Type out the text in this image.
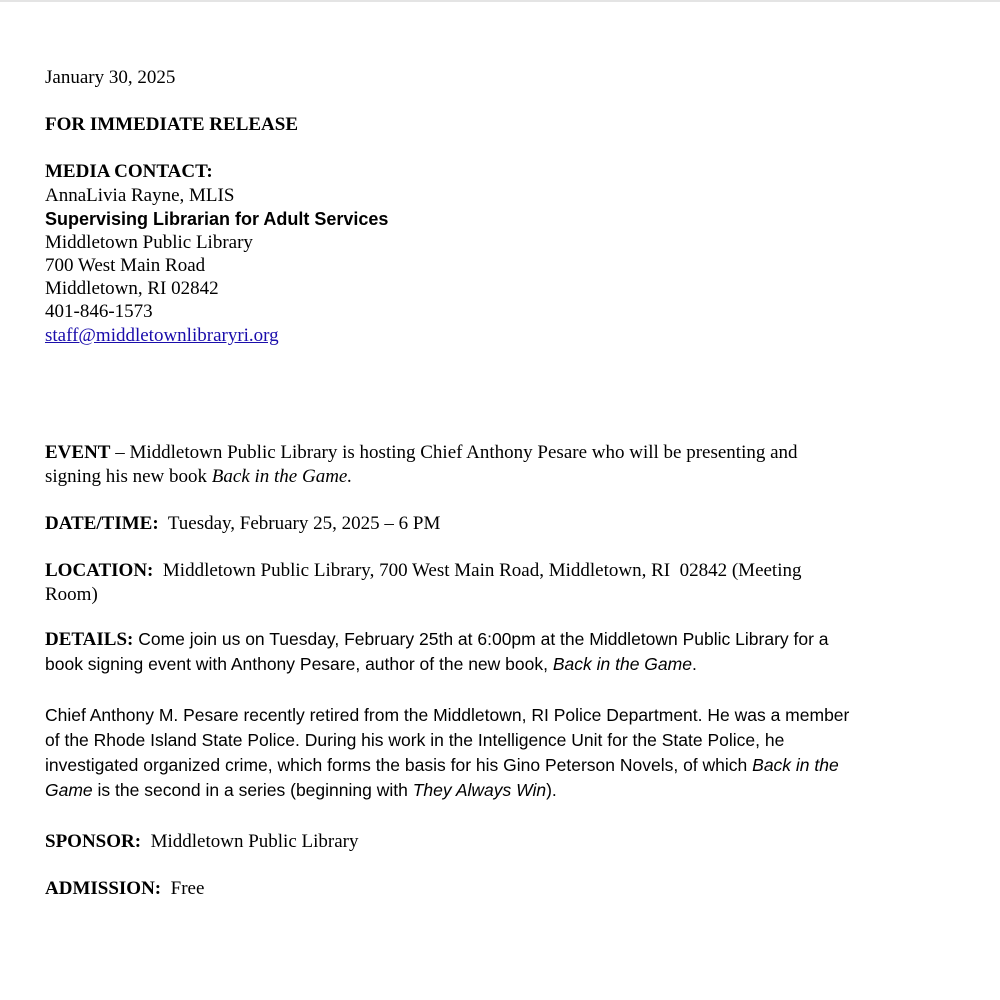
January 30, 2025
FOR IMMEDIATE RELEASE
MEDIA CONTACT:
AnnaLivia Rayne, MLIS
Supervising Librarian for Adult Services
Middletown Public Library
700 West Main Road
Middletown, RI 02842
401-846-1573
staff@middletownlibraryri.org
EVENT – Middletown Public Library is hosting Chief Anthony Pesare who will be presenting and
signing his new book Back in the Game.
DATE/TIME:  Tuesday, February 25, 2025 – 6 PM
LOCATION:  Middletown Public Library, 700 West Main Road, Middletown, RI  02842 (Meeting
Room)
DETAILS: Come join us on Tuesday, February 25th at 6:00pm at the Middletown Public Library for a
book signing event with Anthony Pesare, author of the new book, Back in the Game.
Chief Anthony M. Pesare recently retired from the Middletown, RI Police Department. He was a member
of the Rhode Island State Police. During his work in the Intelligence Unit for the State Police, he
investigated organized crime, which forms the basis for his Gino Peterson Novels, of which Back in the
Game is the second in a series (beginning with They Always Win).
SPONSOR:  Middletown Public Library
ADMISSION:  Free
